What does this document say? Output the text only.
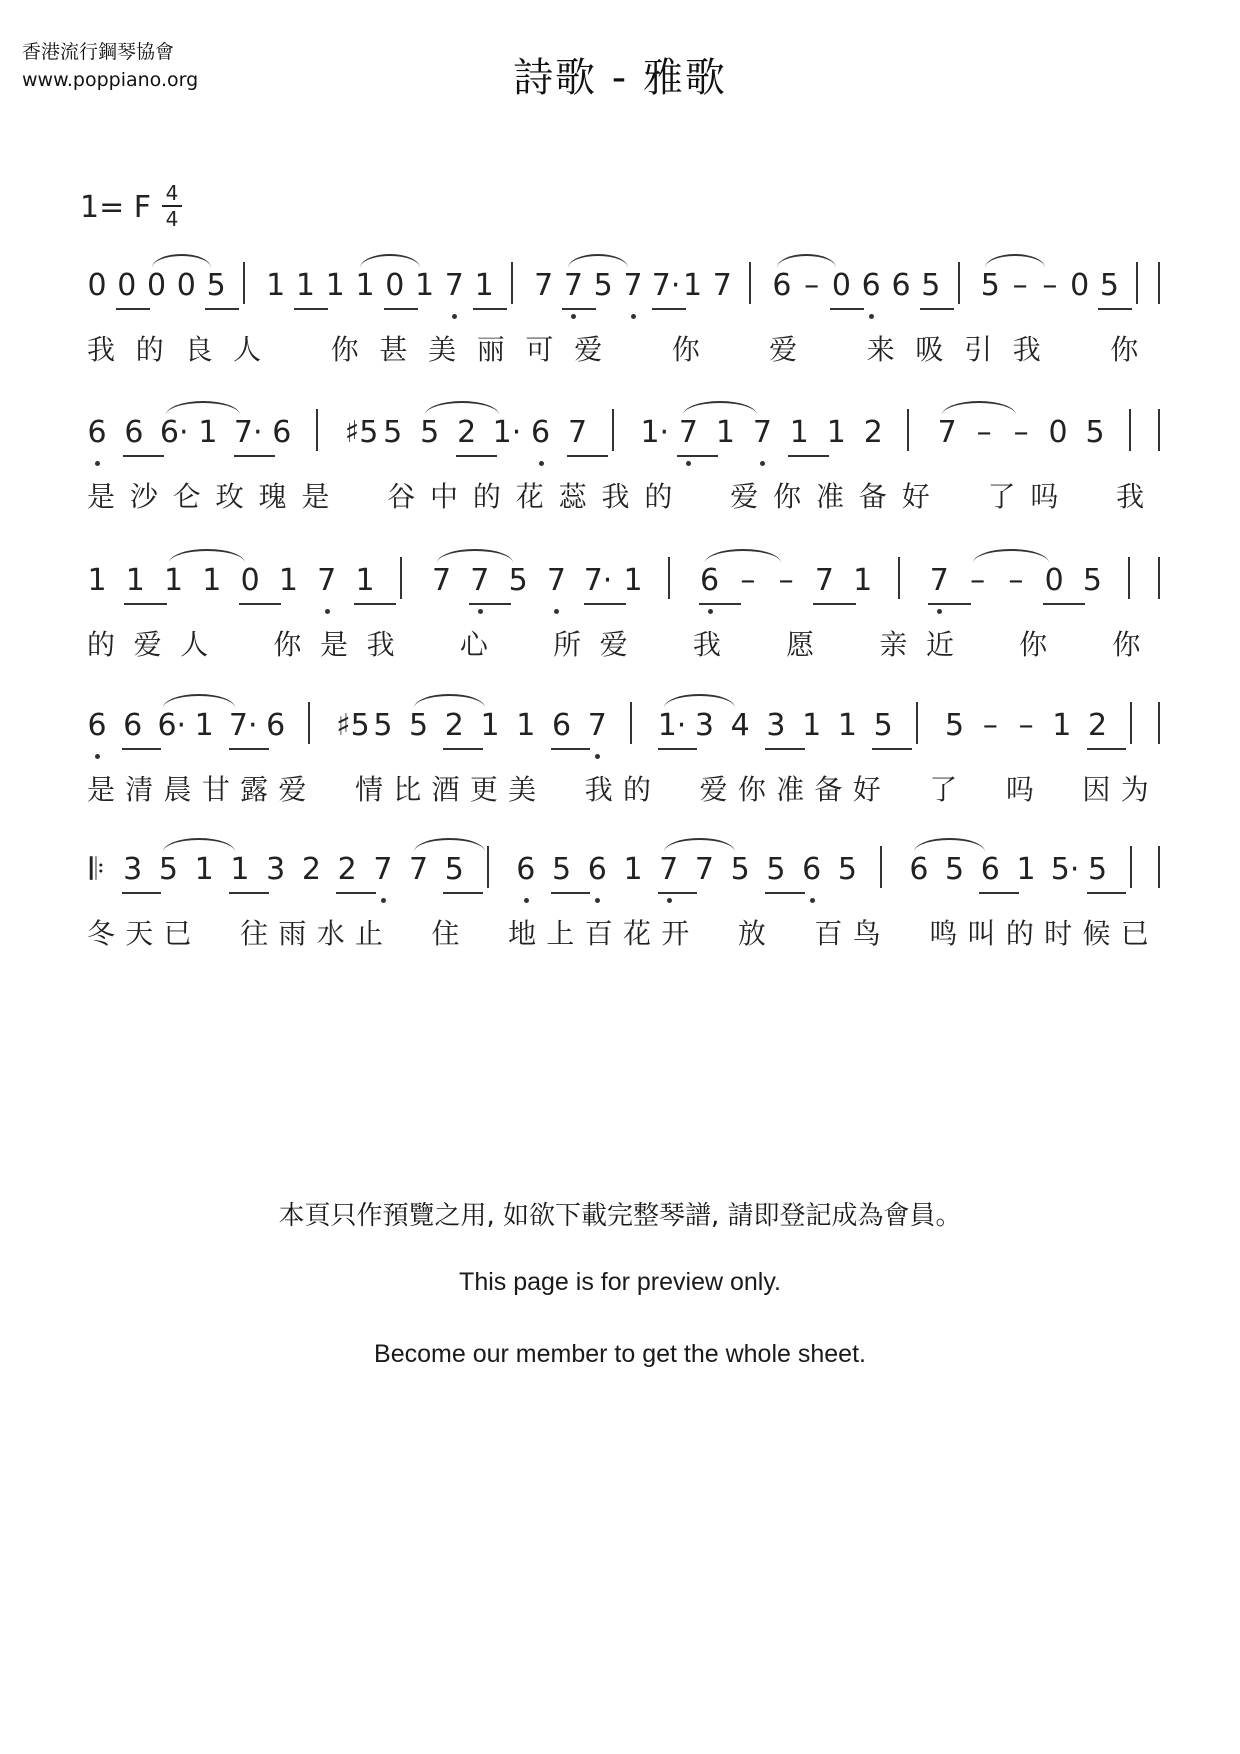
香港流行鋼琴協會
www.poppiano.org	詩歌 - 雅歌
1= F 4
4
0 0 0 0 5 1 1 1 1 0 1 7 1 7 7 5 7 7· 1 7 6 – 0 6 6 5 5 – – 0 5
我 的 良 人 你 甚 美 丽 可 爱 你 爱 来 吸 引 我 你
6 6 6· 1 7· 6 ♯5 5 5 2 1· 6 7 1· 7 1 7 1 1 2 7 – – 0 5
是 沙 仑 玫 瑰 是 谷 中 的 花 蕊 我 的 爱 你 准 备 好 了 吗 我
1 1 1 1 0 1 7 1 7 7 5 7 7· 1 6 – – 7 1 7 – – 0 5
的 爱 人 你 是 我 心 所 爱 我 愿 亲 近 你 你
6 6 6· 1 7· 6 ♯5 5 5 2 1 1 6 7 1· 3 4 3 1 1 5 5 – – 1 2
是 清 晨 甘 露 爱 情 比 酒 更 美 我 的 爱 你 准 备 好 了 吗 因 为
𝄆 3 5 1 1 3 2 2 7 7 5 6 5 6 1 7 7 5 5 6 5 6 5 6 1 5· 5
冬 天 已 往 雨 水 止 住 地 上 百 花 开 放 百 鸟 鸣 叫 的 时 候 已
本頁只作預覽之用, 如欲下載完整琴譜, 請即登記成為會員。
This page is for preview only.
Become our member to get the whole sheet.
